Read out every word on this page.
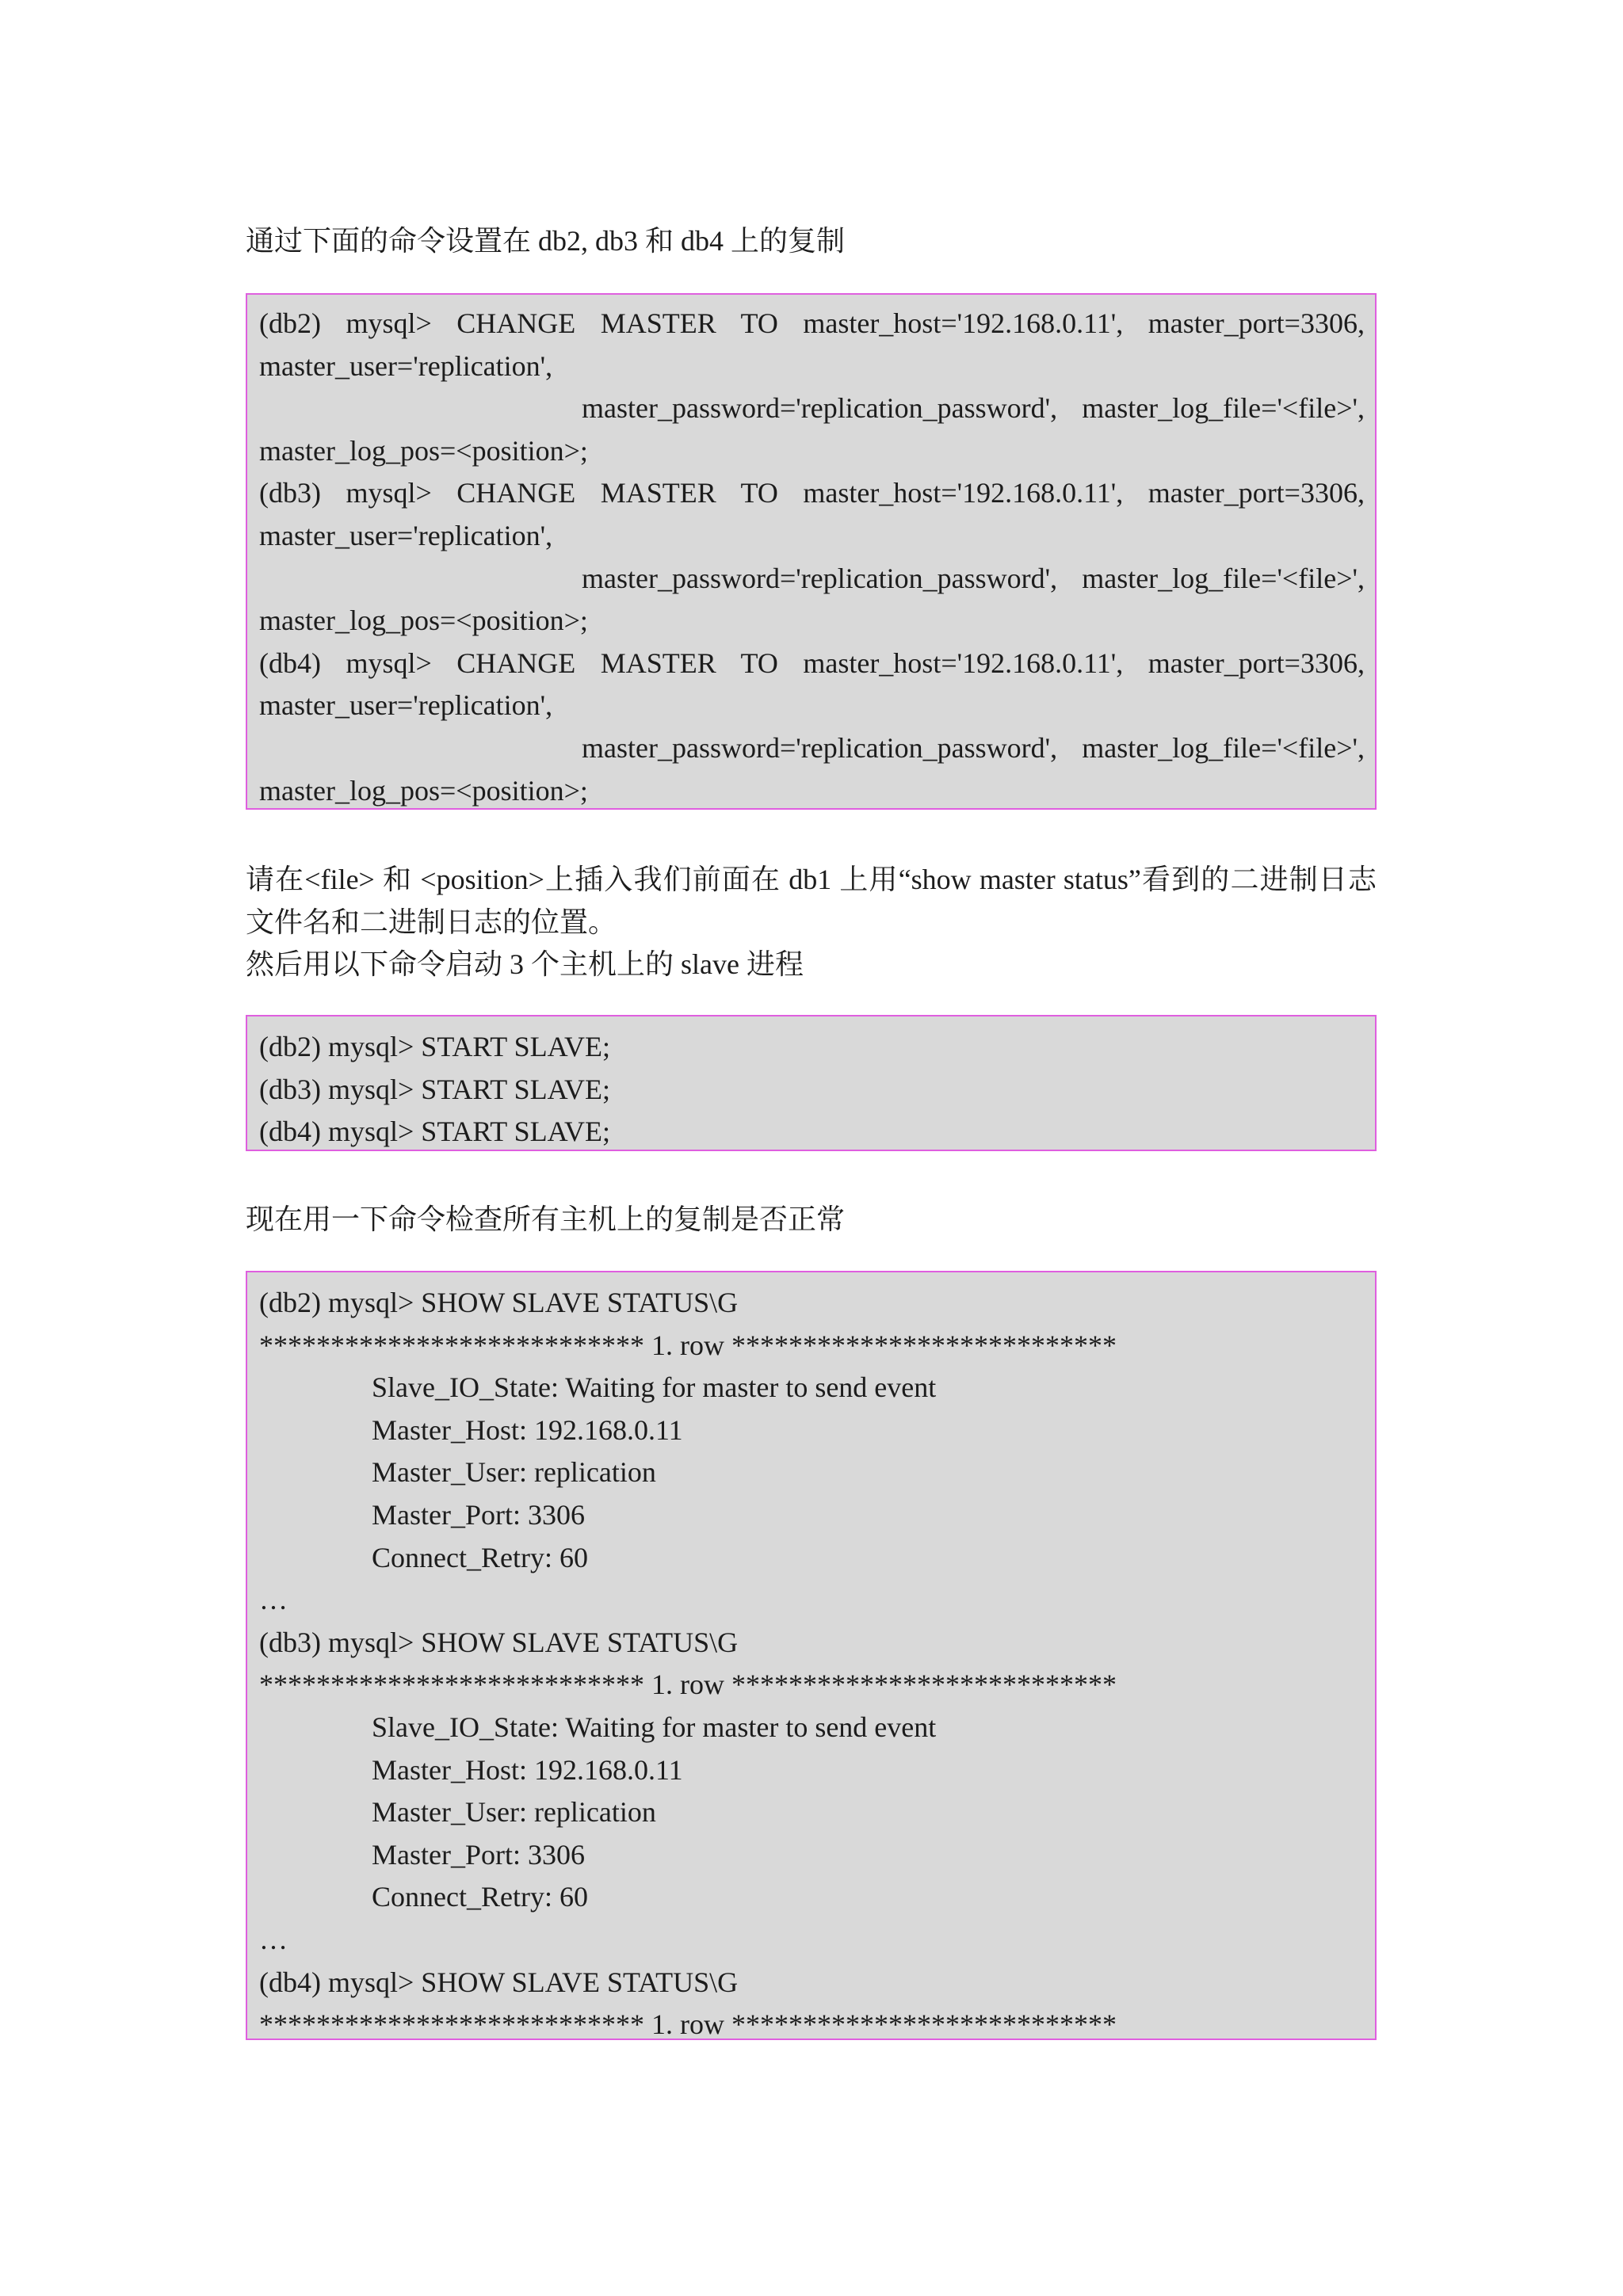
通过下面的命令设置在 db2, db3 和 db4 上的复制
(db2) mysql> CHANGE MASTER TO master_host='192.168.0.11', master_port=3306,
master_user='replication',
master_password='replication_password', master_log_file='<file>',
master_log_pos=<position>;
(db3) mysql> CHANGE MASTER TO master_host='192.168.0.11', master_port=3306,
master_user='replication',
master_password='replication_password', master_log_file='<file>',
master_log_pos=<position>;
(db4) mysql> CHANGE MASTER TO master_host='192.168.0.11', master_port=3306,
master_user='replication',
master_password='replication_password', master_log_file='<file>',
master_log_pos=<position>;
请在<file> 和 <position>上插入我们前面在 db1 上用“show master status”看到的二进制日志
文件名和二进制日志的位置。
然后用以下命令启动 3 个主机上的 slave 进程
(db2) mysql> START SLAVE;
(db3) mysql> START SLAVE;
(db4) mysql> START SLAVE;
现在用一下命令检查所有主机上的复制是否正常
(db2) mysql> SHOW SLAVE STATUS\G
*************************** 1. row ***************************
Slave_IO_State: Waiting for master to send event
Master_Host: 192.168.0.11
Master_User: replication
Master_Port: 3306
Connect_Retry: 60
…
(db3) mysql> SHOW SLAVE STATUS\G
*************************** 1. row ***************************
Slave_IO_State: Waiting for master to send event
Master_Host: 192.168.0.11
Master_User: replication
Master_Port: 3306
Connect_Retry: 60
…
(db4) mysql> SHOW SLAVE STATUS\G
*************************** 1. row ***************************
